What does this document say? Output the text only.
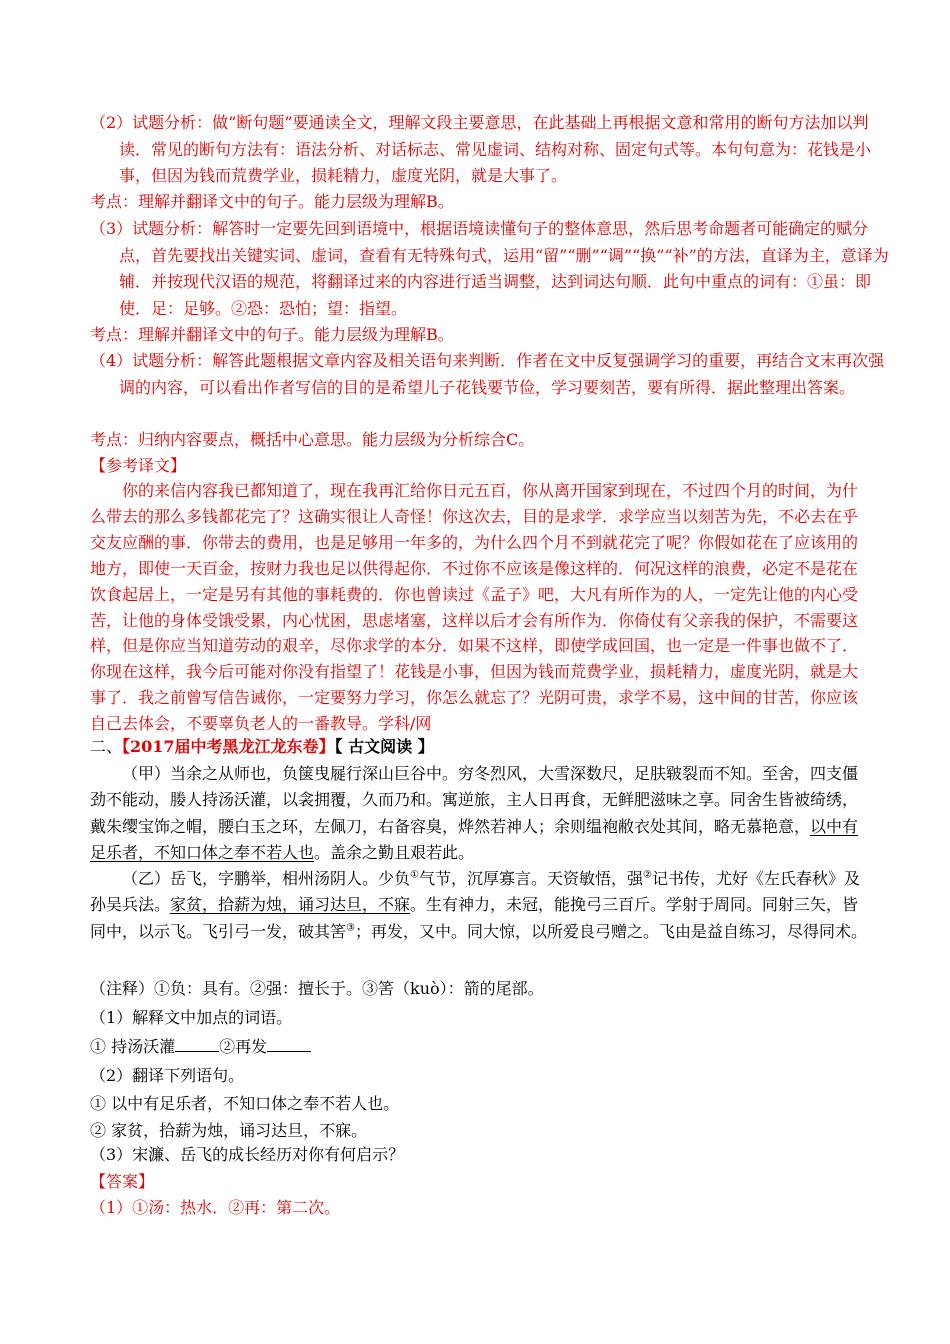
（2）试题分析：做“断句题”要通读全文，理解文段主要意思，在此基础上再根据文意和常用的断句方法加以判读．常见的断句方法有：语法分析、对话标志、常见虚词、结构对称、固定句式等。本句句意为：花钱是小事，但因为钱而荒费学业，损耗精力，虚度光阴，就是大事了。
考点：理解并翻译文中的句子。能力层级为理解B。
（3）试题分析：解答时一定要先回到语境中，根据语境读懂句子的整体意思，然后思考命题者可能确定的赋分点，首先要找出关键实词、虚词，查看有无特殊句式，运用“留”“删”“调”“换”“补”的方法，直译为主，意译为辅．并按现代汉语的规范，将翻译过来的内容进行适当调整，达到词达句顺．此句中重点的词有：①虽：即使．足：足够。②恐：恐怕；望：指望。
考点：理解并翻译文中的句子。能力层级为理解B。
（4）试题分析：解答此题根据文章内容及相关语句来判断．作者在文中反复强调学习的重要，再结合文末再次强调的内容，可以看出作者写信的目的是希望儿子花钱要节俭，学习要刻苦，要有所得．据此整理出答案。
考点：归纳内容要点，概括中心意思。能力层级为分析综合C。
【参考译文】
你的来信内容我已都知道了，现在我再汇给你日元五百，你从离开国家到现在，不过四个月的时间，为什么带去的那么多钱都花完了？这确实很让人奇怪！你这次去，目的是求学．求学应当以刻苦为先，不必去在乎交友应酬的事．你带去的费用，也是足够用一年多的，为什么四个月不到就花完了呢？你假如花在了应该用的地方，即使一天百金，按财力我也足以供得起你．不过你不应该是像这样的．何况这样的浪费，必定不是花在饮食起居上，一定是另有其他的事耗费的．你也曾读过《孟子》吧，大凡有所作为的人，一定先让他的内心受苦，让他的身体受饿受累，内心忧困，思虑堵塞，这样以后才会有所作为．你倚仗有父亲我的保护，不需要这样，但是你应当知道劳动的艰辛，尽你求学的本分．如果不这样，即使学成回国，也一定是一件事也做不了．你现在这样，我今后可能对你没有指望了！花钱是小事，但因为钱而荒费学业，损耗精力，虚度光阴，就是大事了．我之前曾写信告诫你，一定要努力学习，你怎么就忘了？光阴可贵，求学不易，这中间的甘苦，你应该自己去体会，不要辜负老人的一番教导。学科/网
二、【2017届中考黑龙江龙东卷】【 古文阅读 】
（甲）当余之从师也，负箧曳屣行深山巨谷中。穷冬烈风，大雪深数尺，足肤皲裂而不知。至舍，四支僵劲不能动，媵人持汤沃灌，以衾拥覆，久而乃和。寓逆旅，主人日再食，无鲜肥滋味之享。同舍生皆被绮绣，戴朱缨宝饰之帽，腰白玉之环，左佩刀，右备容臭，烨然若神人；余则缊袍敝衣处其间，略无慕艳意，以中有足乐者，不知口体之奉不若人也。盖余之勤且艰若此。
（乙）岳飞，字鹏举，相州汤阴人。少负①气节，沉厚寡言。天资敏悟，强②记书传，尤好《左氏春秋》及孙吴兵法。家贫，拾薪为烛，诵习达旦，不寐。生有神力，未冠，能挽弓三百斤。学射于周同。同射三矢，皆同中，以示飞。飞引弓一发，破其筈③；再发，又中。同大惊，以所爱良弓赠之。飞由是益自练习，尽得同术。
（注释）①负：具有。②强：擅长于。③筈（kuò）：箭的尾部。
（1）解释文中加点的词语。
① 持汤沃灌	②再发
（2）翻译下列语句。
① 以中有足乐者，不知口体之奉不若人也。
② 家贫，拾薪为烛，诵习达旦，不寐。
（3）宋濂、岳飞的成长经历对你有何启示？
【答案】
（1）①汤：热水．②再：第二次。
